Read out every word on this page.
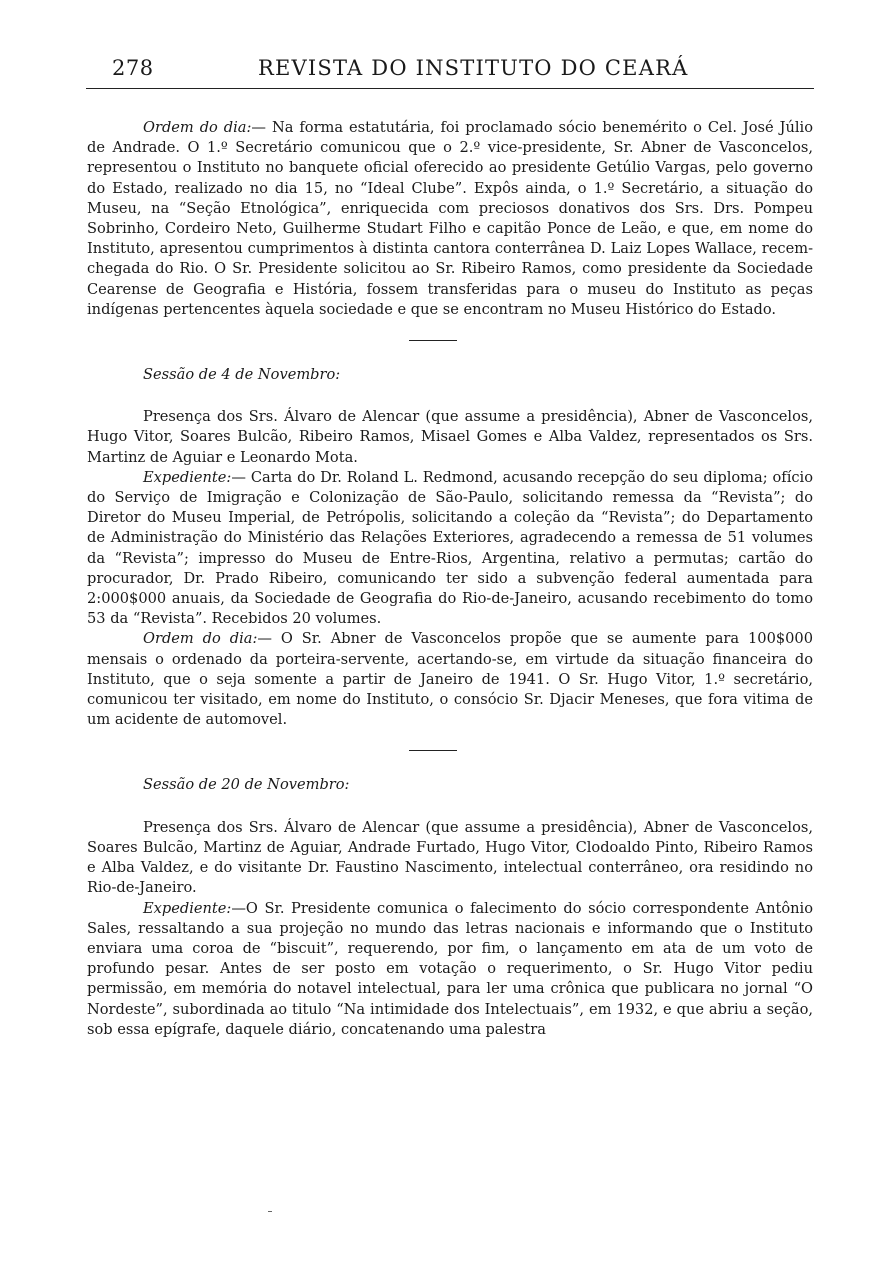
278	REVISTA DO INSTITUTO DO CEARÁ

Ordem do dia:— Na forma estatutária, foi proclamado sócio benemérito o Cel. José Júlio de Andrade. O 1.º Secretário comunicou que o 2.º vice-presidente, Sr. Abner de Vasconcelos, representou o Instituto no banquete oficial oferecido ao presidente Getúlio Vargas, pelo governo do Estado, realizado no dia 15, no “Ideal Clube”. Expôs ainda, o 1.º Secretário, a situação do Museu, na “Seção Etnológica”, enriquecida com preciosos donativos dos Srs. Drs. Pompeu Sobrinho, Cordeiro Neto, Guilherme Studart Filho e capitão Ponce de Leão, e que, em nome do Instituto, apresentou cumprimentos à distinta cantora conterrânea D. Laiz Lopes Wallace, recem-chegada do Rio. O Sr. Presidente solicitou ao Sr. Ribeiro Ramos, como presidente da Sociedade Cearense de Geografia e História, fossem transferidas para o museu do Instituto as peças indígenas pertencentes àquela sociedade e que se encontram no Museu Histórico do Estado.

Sessão de 4 de Novembro:

Presença dos Srs. Álvaro de Alencar (que assume a presidência), Abner de Vasconcelos, Hugo Vitor, Soares Bulcão, Ribeiro Ramos, Misael Gomes e Alba Valdez, representados os Srs. Martinz de Aguiar e Leonardo Mota.

Expediente:— Carta do Dr. Roland L. Redmond, acusando recepção do seu diploma; ofício do Serviço de Imigração e Colonização de São-Paulo, solicitando remessa da “Revista”; do Diretor do Museu Imperial, de Petrópolis, solicitando a coleção da “Revista”; do Departamento de Administração do Ministério das Relações Exteriores, agradecendo a remessa de 51 volumes da “Revista”; impresso do Museu de Entre-Rios, Argentina, relativo a permutas; cartão do procurador, Dr. Prado Ribeiro, comunicando ter sido a subvenção federal aumentada para 2:000$000 anuais, da Sociedade de Geografia do Rio-de-Janeiro, acusando recebimento do tomo 53 da “Revista”. Recebidos 20 volumes.

Ordem do dia:— O Sr. Abner de Vasconcelos propõe que se aumente para 100$000 mensais o ordenado da porteira-servente, acertando-se, em virtude da situação financeira do Instituto, que o seja somente a partir de Janeiro de 1941. O Sr. Hugo Vitor, 1.º secretário, comunicou ter visitado, em nome do Instituto, o consócio Sr. Djacir Meneses, que fora vitima de um acidente de automovel.

Sessão de 20 de Novembro:

Presença dos Srs. Álvaro de Alencar (que assume a presidência), Abner de Vasconcelos, Soares Bulcão, Martinz de Aguiar, Andrade Furtado, Hugo Vitor, Clodoaldo Pinto, Ribeiro Ramos e Alba Valdez, e do visitante Dr. Faustino Nascimento, intelectual conterrâneo, ora residindo no Rio-de-Janeiro.

Expediente:—O Sr. Presidente comunica o falecimento do sócio correspondente Antônio Sales, ressaltando a sua projeção no mundo das letras nacionais e informando que o Instituto enviara uma coroa de “biscuit”, requerendo, por fim, o lançamento em ata de um voto de profundo pesar. Antes de ser posto em votação o requerimento, o Sr. Hugo Vitor pediu permissão, em memória do notavel intelectual, para ler uma crônica que publicara no jornal “O Nordeste”, subordinada ao titulo “Na intimidade dos Intelectuais”, em 1932, e que abriu a seção, sob essa epígrafe, daquele diário, concatenando uma palestra
